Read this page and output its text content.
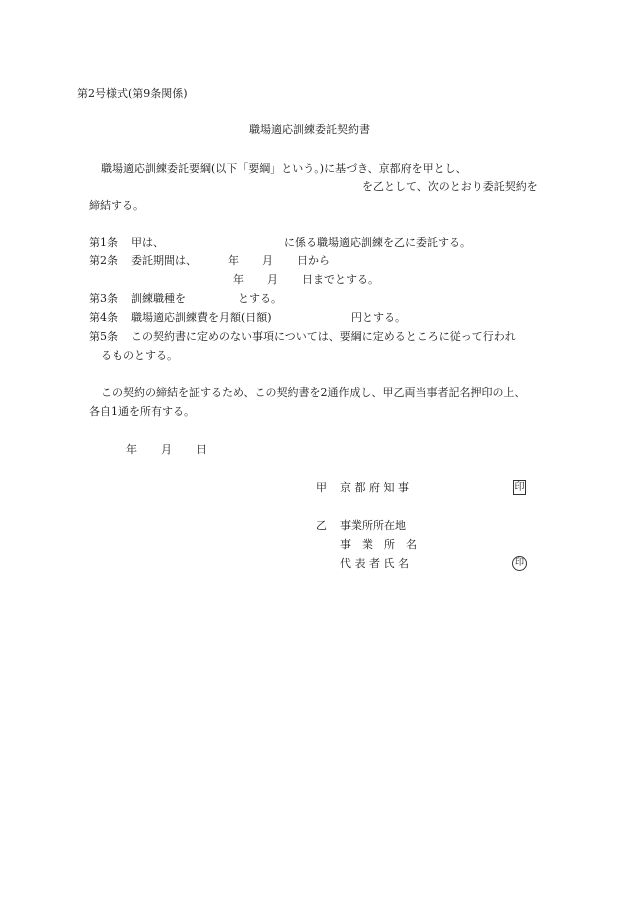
第2号様式(第9条関係)
職場適応訓練委託契約書
職場適応訓練委託要綱(以下「要綱」という。)に基づき、京都府を甲とし、
を乙として、次のとおり委託契約を
締結する。
第1条 甲は、	に係る職場適応訓練を乙に委託する。
第2条 委託期間は、	年 月 日から
年 月 日までとする。
第3条 訓練職種を	とする。
第4条 職場適応訓練費を月額(日額)	円とする。
第5条 この契約書に定めのない事項については、要綱に定めるところに従って行われ
るものとする。
この契約の締結を証するため、この契約書を2通作成し、甲乙両当事者記名押印の上、
各自1通を所有する。
年 月 日
甲 京 都 府 知 事	印
乙 事業所所在地
事　業　所　名
代 表 者 氏 名	印
